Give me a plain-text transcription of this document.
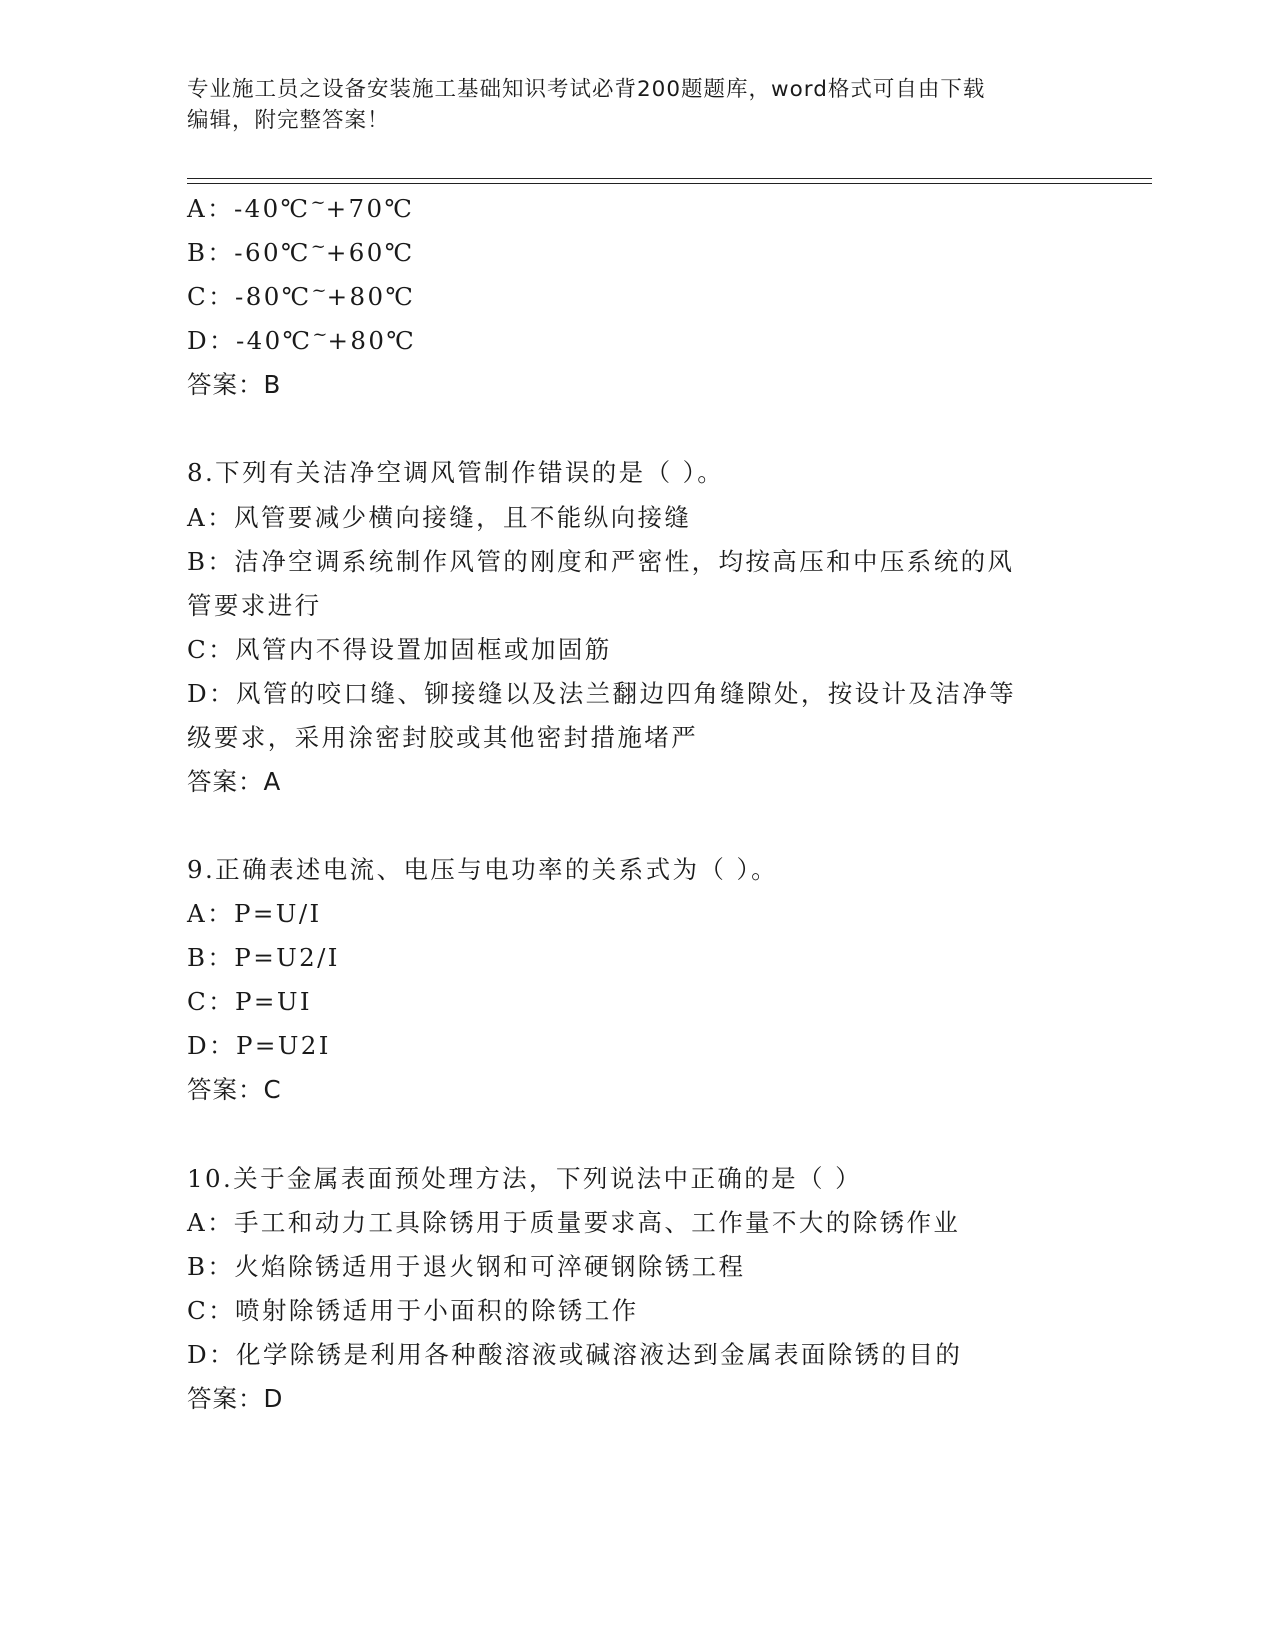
专业施工员之设备安装施工基础知识考试必背200题题库，word格式可自由下载
编辑，附完整答案！
A：-40℃~+70℃
B：-60℃~+60℃
C：-80℃~+80℃
D：-40℃~+80℃
答案：B
8.下列有关洁净空调风管制作错误的是（ ）。
A：风管要减少横向接缝，且不能纵向接缝
B：洁净空调系统制作风管的刚度和严密性，均按高压和中压系统的风
管要求进行
C：风管内不得设置加固框或加固筋
D：风管的咬口缝、铆接缝以及法兰翻边四角缝隙处，按设计及洁净等
级要求，采用涂密封胶或其他密封措施堵严
答案：A
9.正确表述电流、电压与电功率的关系式为（ ）。
A：P=U/I
B：P=U2/I
C：P=UI
D：P=U2I
答案：C
10.关于金属表面预处理方法，下列说法中正确的是（ ）
A：手工和动力工具除锈用于质量要求高、工作量不大的除锈作业
B：火焰除锈适用于退火钢和可淬硬钢除锈工程
C：喷射除锈适用于小面积的除锈工作
D：化学除锈是利用各种酸溶液或碱溶液达到金属表面除锈的目的
答案：D
